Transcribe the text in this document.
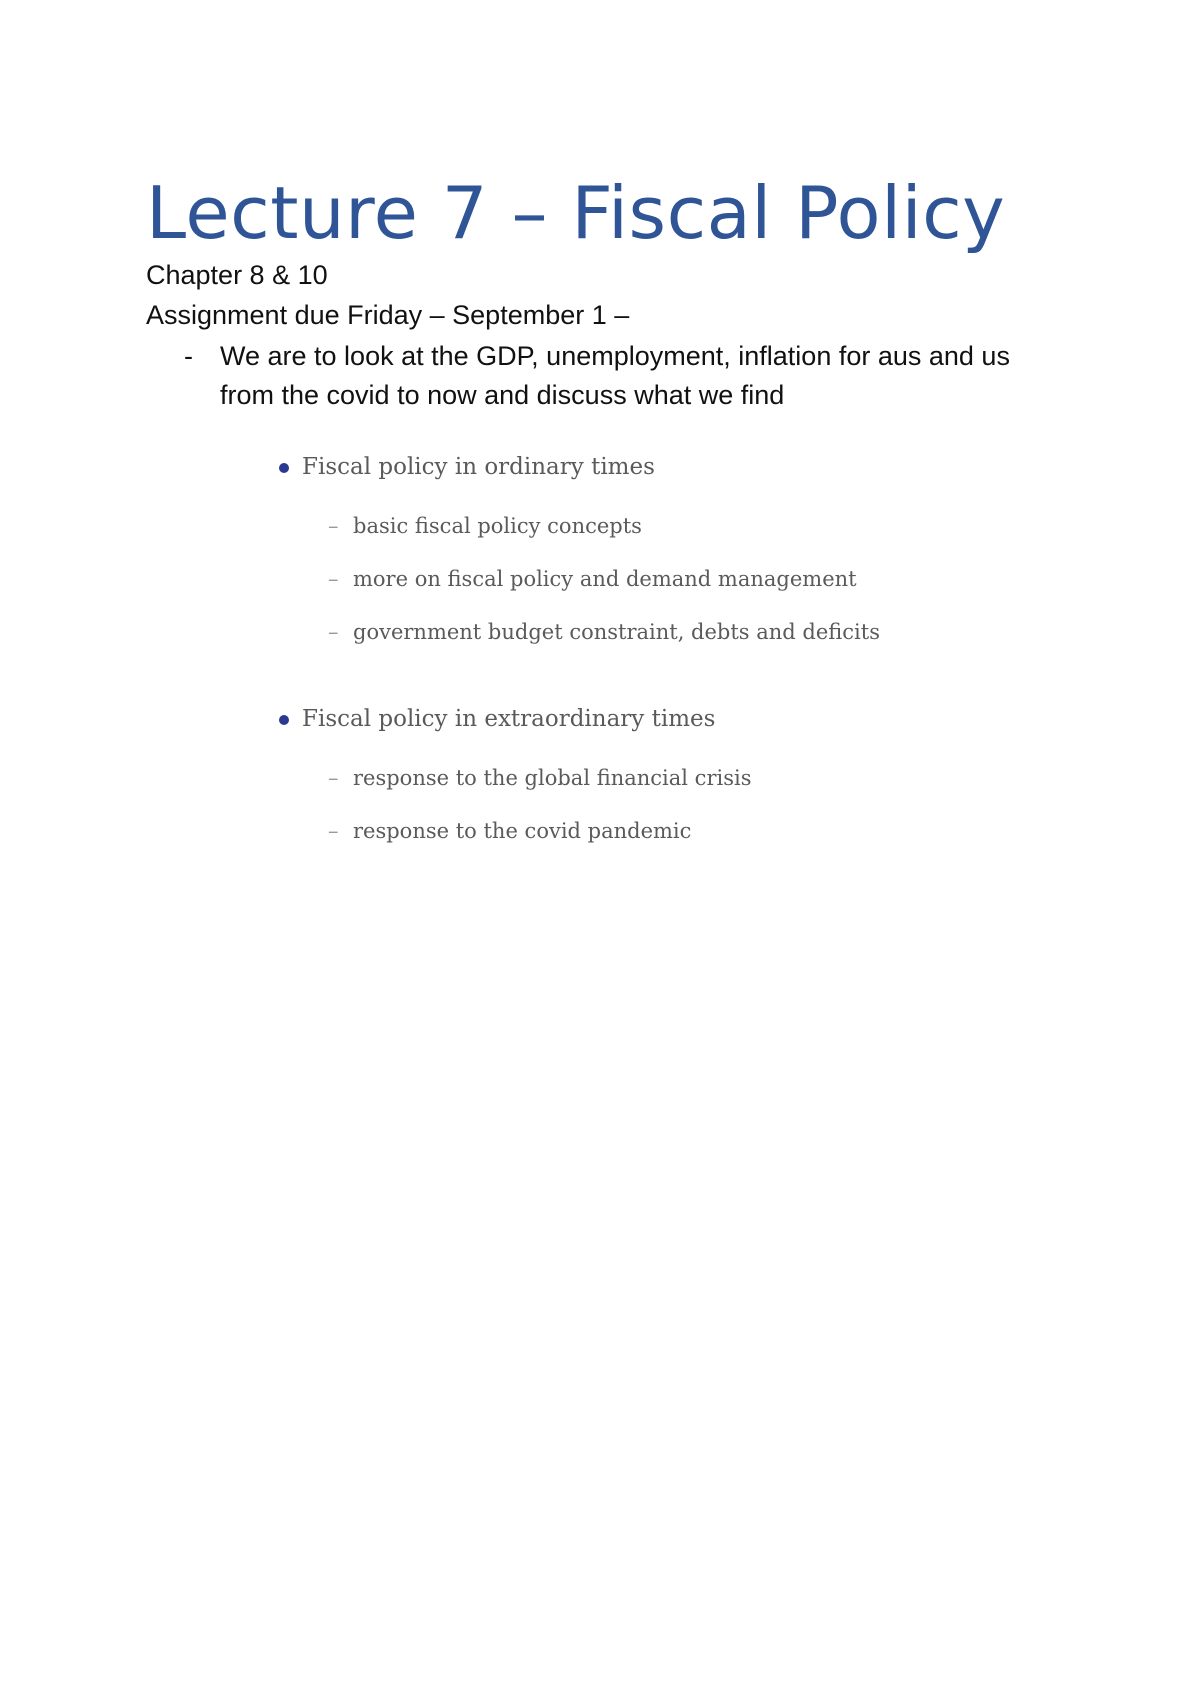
Lecture 7 – Fiscal Policy
Chapter 8 & 10
Assignment due Friday – September 1 –
- We are to look at the GDP, unemployment, inflation for aus and us from the covid to now and discuss what we find
Fiscal policy in ordinary times
– basic fiscal policy concepts
– more on fiscal policy and demand management
– government budget constraint, debts and deficits
Fiscal policy in extraordinary times
– response to the global financial crisis
– response to the covid pandemic
